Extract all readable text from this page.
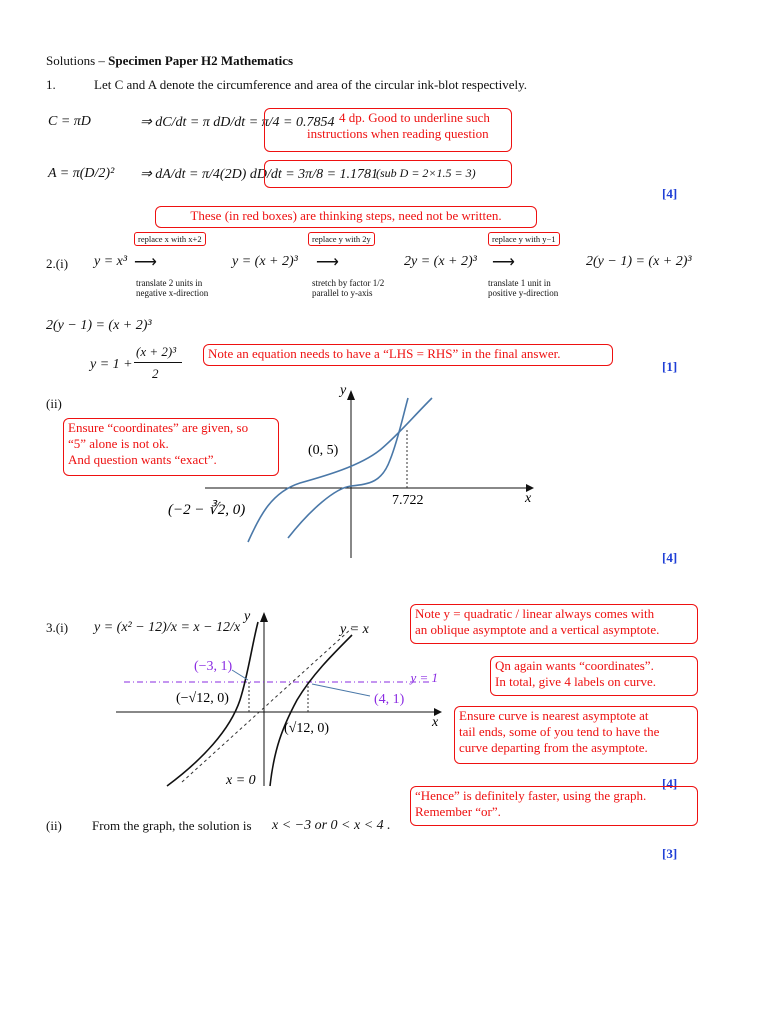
Solutions – Specimen Paper H2 Mathematics
1.	Let C and A denote the circumference and area of the circular ink-blot respectively.
C = πD	⇒ dC/dt = π dD/dt = π/4 = 0.7854 4 dp. Good to underline such
instructions when reading question
A = π(D/2)² ⇒ dA/dt = π/4(2D) dD/dt = 3π/8 = 1.1781
(sub D = 2×1.5 = 3)
[4]
These (in red boxes) are thinking steps, need not be written.
2.(i) y = x³
replace x with x+2
⟶
translate 2 units in
negative x-direction
y = (x + 2)³
replace y with 2y
⟶
stretch by factor 1/2
parallel to y-axis
2y = (x + 2)³
replace y with y−1
⟶
translate 1 unit in
positive y-direction
2(y − 1) = (x + 2)³
2(y − 1) = (x + 2)³
y = 1 +
(x + 2)³
2
Note an equation needs to have a “LHS = RHS” in the final answer.
[1]
(ii)
Ensure “coordinates” are given, so
“5” alone is not ok.
And question wants “exact”.
y
x
(0, 5)
(−2 − ∛2, 0)
7.722
[4]
3.(i) y = (x² − 12)/x = x − 12/x
y
x
y = x
x = 0
y = 1
(−3, 1)
(4, 1)
(−√12, 0)
(√12, 0)
Note y = quadratic / linear always comes with
an oblique asymptote and a vertical asymptote.
Qn again wants “coordinates”.
In total, give 4 labels on curve.
Ensure curve is nearest asymptote at
tail ends, some of you tend to have the
curve departing from the asymptote.
[4]
“Hence” is definitely faster, using the graph.
Remember “or”.
(ii) From the graph, the solution is x < −3 or 0 < x < 4 .
[3]
